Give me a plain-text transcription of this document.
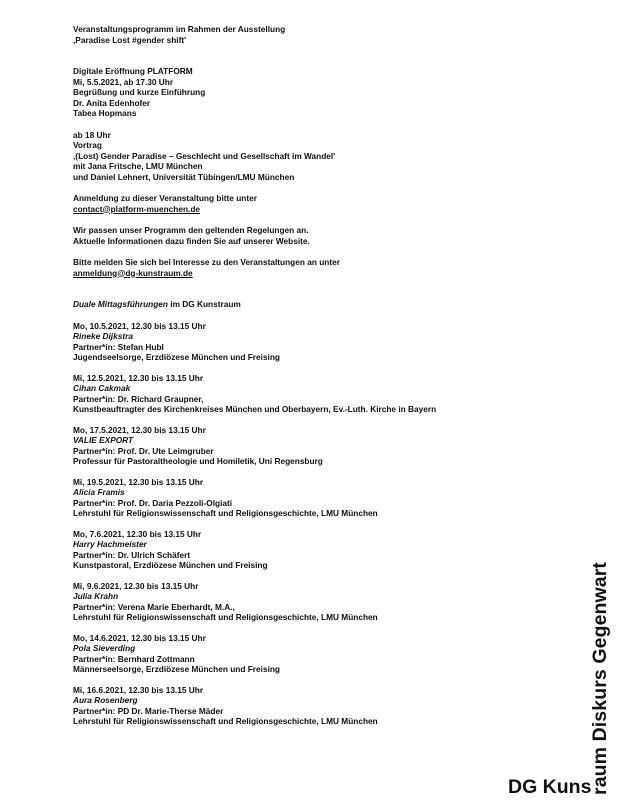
Veranstaltungsprogramm im Rahmen der Ausstellung
‚Paradise Lost #gender shift'
Digitale Eröffnung PLATFORM
Mi, 5.5.2021, ab 17.30 Uhr
Begrüßung und kurze Einführung
Dr. Anita Edenhofer
Tabea Hopmans
ab 18 Uhr
Vortrag
‚(Lost) Gender Paradise – Geschlecht und Gesellschaft im Wandel'
mit Jana Fritsche, LMU München
und Daniel Lehnert, Universität Tübingen/LMU München
Anmeldung zu dieser Veranstaltung bitte unter
contact@platform-muenchen.de
Wir passen unser Programm den geltenden Regelungen an.
Aktuelle Informationen dazu finden Sie auf unserer Website.
Bitte melden Sie sich bei Interesse zu den Veranstaltungen an unter
anmeldung@dg-kunstraum.de
Duale Mittagsführungen im DG Kunstraum
Mo, 10.5.2021, 12.30 bis 13.15 Uhr
Rineke Dijkstra
Partner*in: Stefan Hubl
Jugendseelsorge, Erzdiözese München und Freising
Mi, 12.5.2021, 12.30 bis 13.15 Uhr
Cihan Cakmak
Partner*in: Dr. Richard Graupner,
Kunstbeauftragter des Kirchenkreises München und Oberbayern, Ev.-Luth. Kirche in Bayern
Mo, 17.5.2021, 12.30 bis 13.15 Uhr
VALIE EXPORT
Partner*in: Prof. Dr. Ute Leimgruber
Professur für Pastoraltheologie und Homiletik, Uni Regensburg
Mi, 19.5.2021, 12.30 bis 13.15 Uhr
Alicia Framis
Partner*in: Prof. Dr. Daria Pezzoli-Olgiati
Lehrstuhl für Religionswissenschaft und Religionsgeschichte, LMU München
Mo, 7.6.2021, 12.30 bis 13.15 Uhr
Harry Hachmeister
Partner*in: Dr. Ulrich Schäfert
Kunstpastoral, Erzdiözese München und Freising
Mi, 9.6.2021, 12.30 bis 13.15 Uhr
Julia Krahn
Partner*in: Verena Marie Eberhardt, M.A.,
Lehrstuhl für Religionswissenschaft und Religionsgeschichte, LMU München
Mo, 14.6.2021, 12.30 bis 13.15 Uhr
Pola Sieverding
Partner*in: Bernhard Zottmann
Männerseelsorge, Erzdiözese München und Freising
Mi, 16.6.2021, 12.30 bis 13.15 Uhr
Aura Rosenberg
Partner*in: PD Dr. Marie-Therse Mäder
Lehrstuhl für Religionswissenschaft und Religionsgeschichte, LMU München	raum Diskurs Gegenwart
DG Kuns
